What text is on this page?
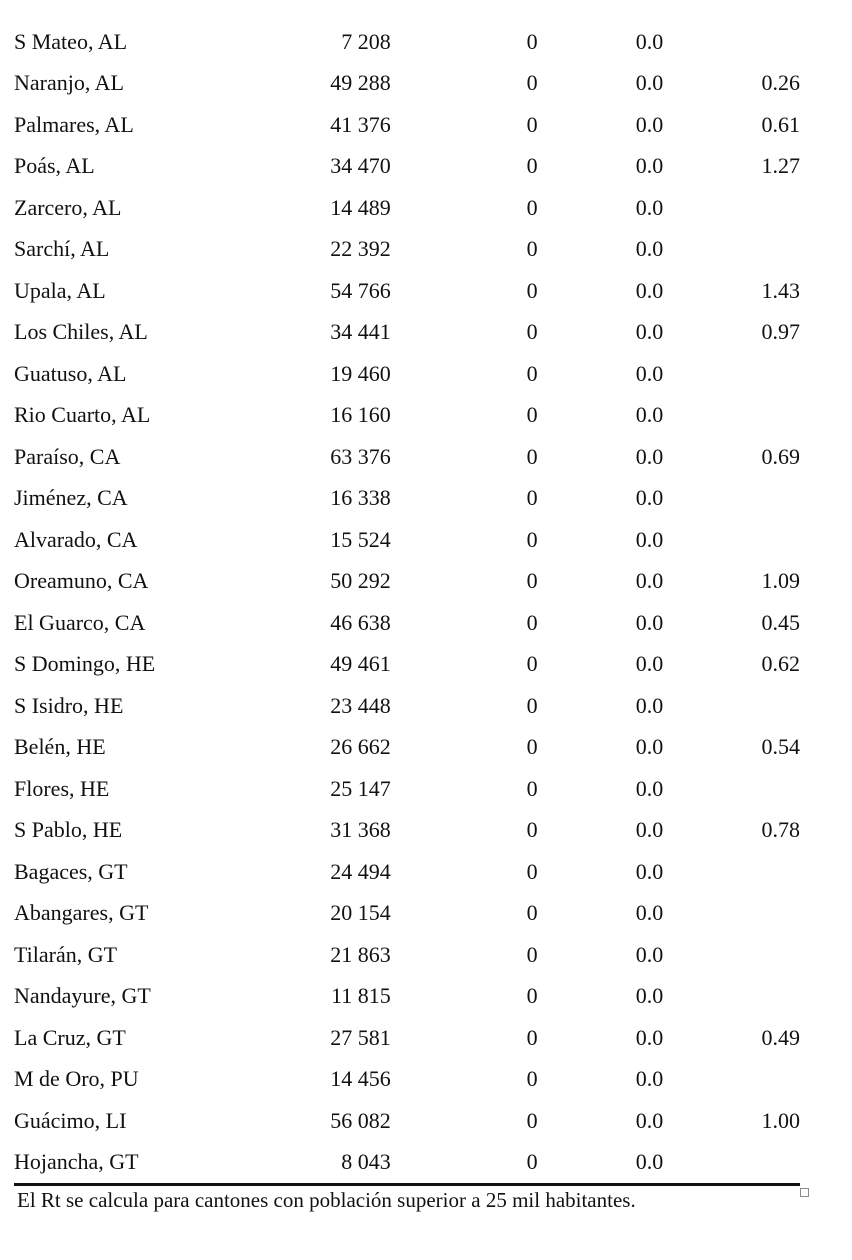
S Mateo, AL	7 208	0	0.0	
Naranjo, AL	49 288	0	0.0	0.26
Palmares, AL	41 376	0	0.0	0.61
Poás, AL	34 470	0	0.0	1.27
Zarcero, AL	14 489	0	0.0	
Sarchí, AL	22 392	0	0.0	
Upala, AL	54 766	0	0.0	1.43
Los Chiles, AL	34 441	0	0.0	0.97
Guatuso, AL	19 460	0	0.0	
Rio Cuarto, AL	16 160	0	0.0	
Paraíso, CA	63 376	0	0.0	0.69
Jiménez, CA	16 338	0	0.0	
Alvarado, CA	15 524	0	0.0	
Oreamuno, CA	50 292	0	0.0	1.09
El Guarco, CA	46 638	0	0.0	0.45
S Domingo, HE	49 461	0	0.0	0.62
S Isidro, HE	23 448	0	0.0	
Belén, HE	26 662	0	0.0	0.54
Flores, HE	25 147	0	0.0	
S Pablo, HE	31 368	0	0.0	0.78
Bagaces, GT	24 494	0	0.0	
Abangares, GT	20 154	0	0.0	
Tilarán, GT	21 863	0	0.0	
Nandayure, GT	11 815	0	0.0	
La Cruz, GT	27 581	0	0.0	0.49
M de Oro, PU	14 456	0	0.0	
Guácimo, LI	56 082	0	0.0	1.00
Hojancha, GT	8 043	0	0.0	
El Rt se calcula para cantones con población superior a 25 mil habitantes.
